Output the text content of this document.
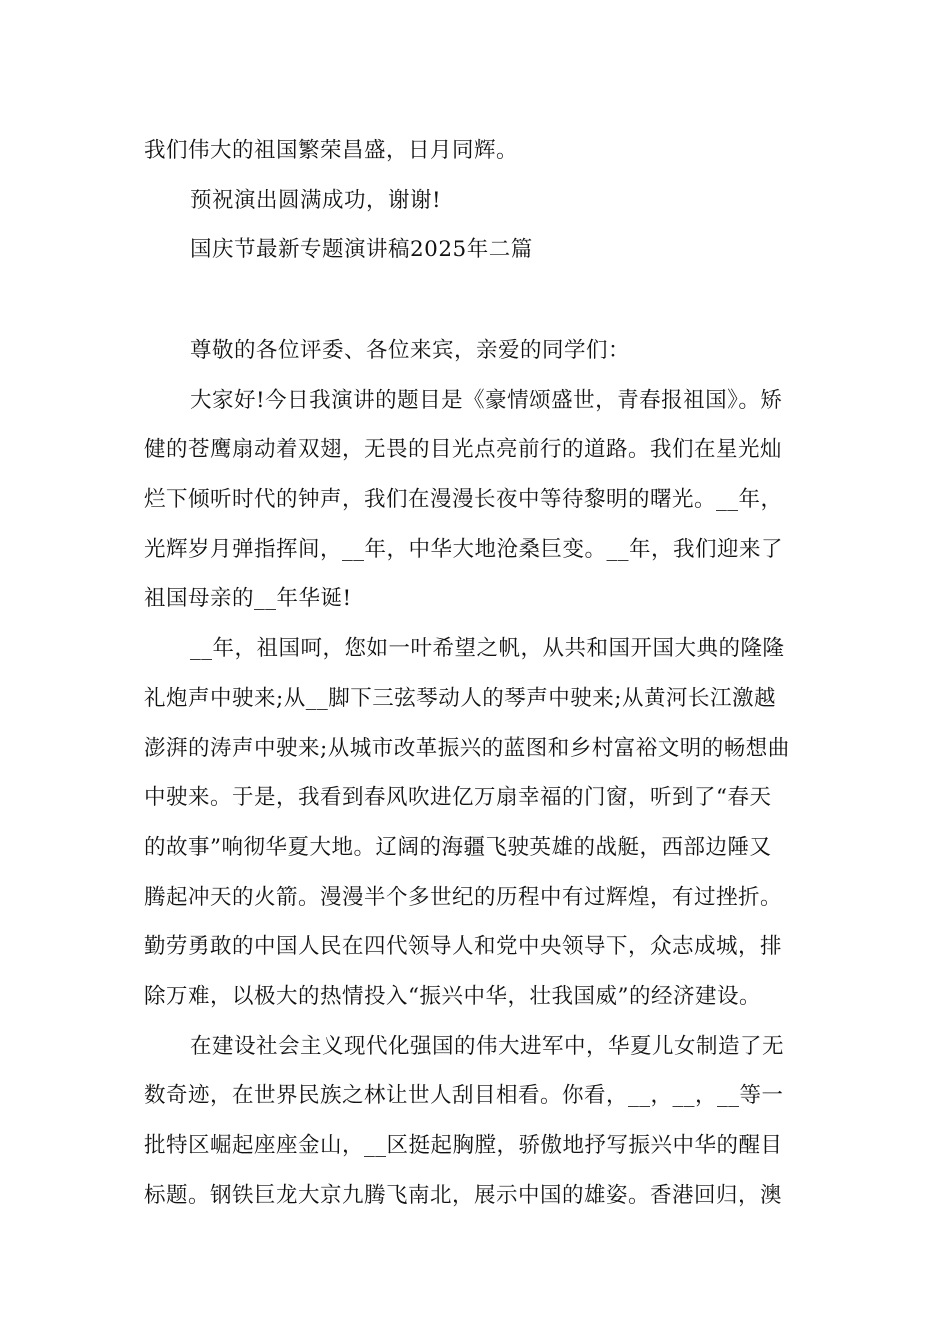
我们伟大的祖国繁荣昌盛，日月同辉。
预祝演出圆满成功，谢谢!
国庆节最新专题演讲稿2025年二篇
尊敬的各位评委、各位来宾，亲爱的同学们：
大家好!今日我演讲的题目是《豪情颂盛世，青春报祖国》。矫
健的苍鹰扇动着双翅，无畏的目光点亮前行的道路。我们在星光灿
烂下倾听时代的钟声，我们在漫漫长夜中等待黎明的曙光。__年，
光辉岁月弹指挥间，__年，中华大地沧桑巨变。__年，我们迎来了
祖国母亲的__年华诞!
__年，祖国呵，您如一叶希望之帆，从共和国开国大典的隆隆
礼炮声中驶来;从__脚下三弦琴动人的琴声中驶来;从黄河长江激越
澎湃的涛声中驶来;从城市改革振兴的蓝图和乡村富裕文明的畅想曲
中驶来。于是，我看到春风吹进亿万扇幸福的门窗，听到了“春天
的故事”响彻华夏大地。辽阔的海疆飞驶英雄的战艇，西部边陲又
腾起冲天的火箭。漫漫半个多世纪的历程中有过辉煌，有过挫折。
勤劳勇敢的中国人民在四代领导人和党中央领导下，众志成城，排
除万难，以极大的热情投入“振兴中华，壮我国威”的经济建设。
在建设社会主义现代化强国的伟大进军中，华夏儿女制造了无
数奇迹，在世界民族之林让世人刮目相看。你看，__，__，__等一
批特区崛起座座金山，__区挺起胸膛，骄傲地抒写振兴中华的醒目
标题。钢铁巨龙大京九腾飞南北，展示中国的雄姿。香港回归，澳
